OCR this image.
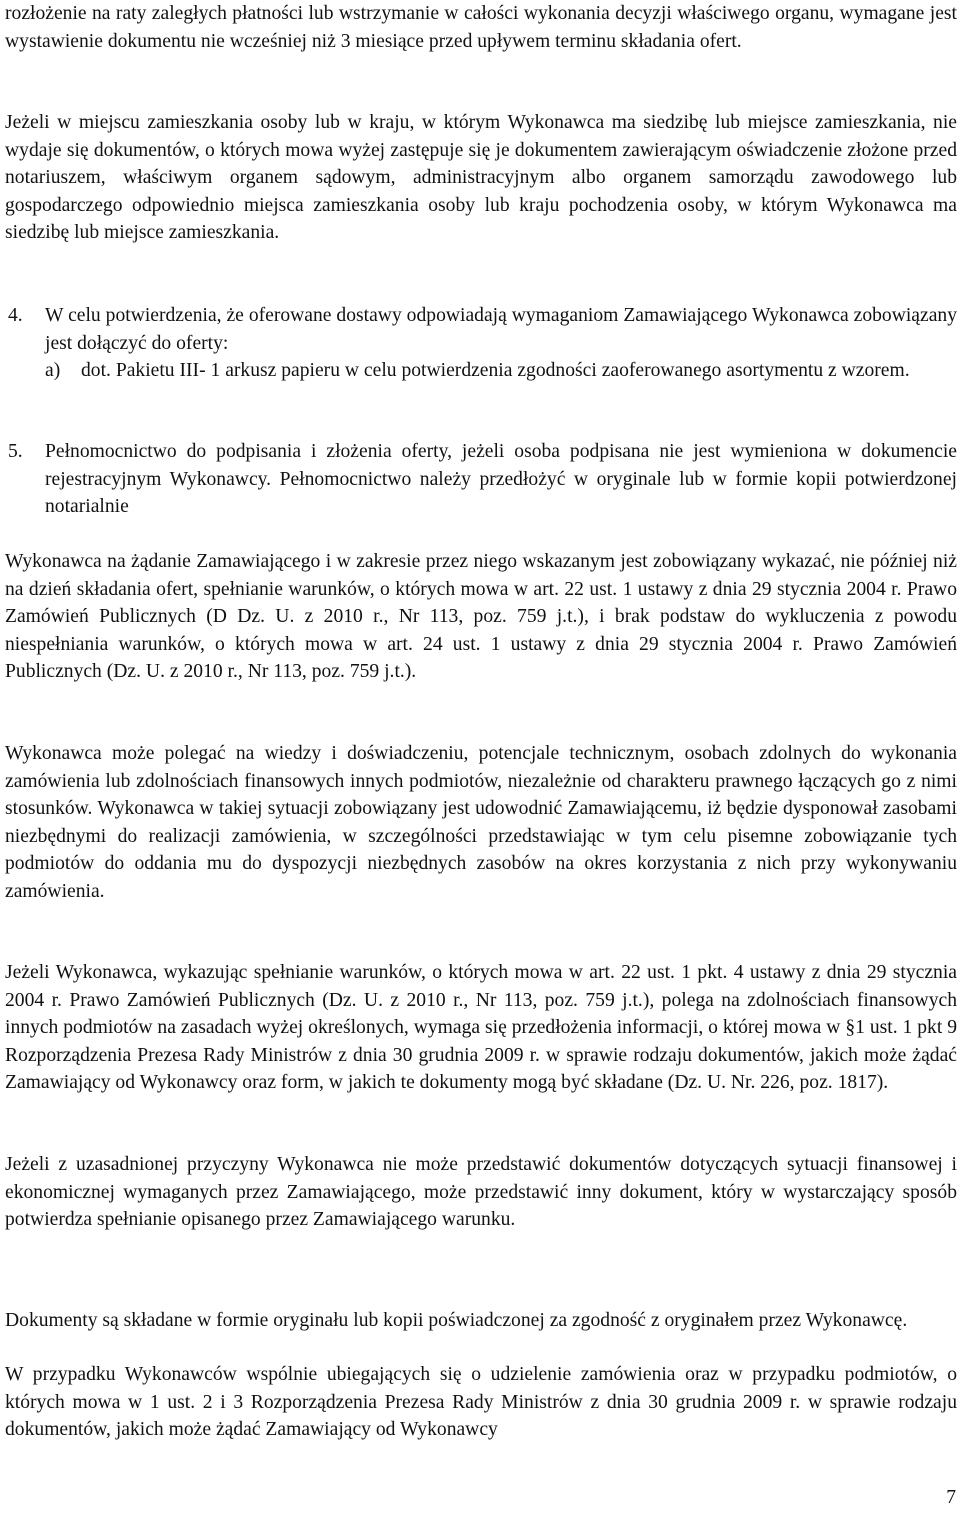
rozłożenie na raty zaległych płatności lub wstrzymanie w całości wykonania decyzji właściwego organu, wymagane jest wystawienie dokumentu nie wcześniej niż 3 miesiące przed upływem terminu składania ofert.

Jeżeli w miejscu zamieszkania osoby lub w kraju, w którym Wykonawca ma siedzibę lub miejsce zamieszkania, nie wydaje się dokumentów, o których mowa wyżej zastępuje się je dokumentem zawierającym oświadczenie złożone przed notariuszem, właściwym organem sądowym, administracyjnym albo organem samorządu zawodowego lub gospodarczego odpowiednio miejsca zamieszkania osoby lub kraju pochodzenia osoby, w którym Wykonawca ma siedzibę lub miejsce zamieszkania.

4. W celu potwierdzenia, że oferowane dostawy odpowiadają wymaganiom Zamawiającego Wykonawca zobowiązany jest dołączyć do oferty:

a) dot. Pakietu III- 1 arkusz papieru w celu potwierdzenia zgodności zaoferowanego asortymentu z wzorem.

5. Pełnomocnictwo do podpisania i złożenia oferty, jeżeli osoba podpisana nie jest wymieniona w dokumencie rejestracyjnym Wykonawcy. Pełnomocnictwo należy przedłożyć w oryginale lub w formie kopii potwierdzonej notarialnie

Wykonawca na żądanie Zamawiającego i w zakresie przez niego wskazanym jest zobowiązany wykazać, nie później niż na dzień składania ofert, spełnianie warunków, o których mowa w art. 22 ust. 1 ustawy z dnia 29 stycznia 2004 r. Prawo Zamówień Publicznych (D Dz. U. z 2010 r., Nr 113, poz. 759 j.t.), i brak podstaw do wykluczenia z powodu niespełniania warunków, o których mowa w art. 24 ust. 1 ustawy z dnia 29 stycznia 2004 r. Prawo Zamówień Publicznych (Dz. U. z 2010 r., Nr 113, poz. 759 j.t.).

Wykonawca może polegać na wiedzy i doświadczeniu, potencjale technicznym, osobach zdolnych do wykonania zamówienia lub zdolnościach finansowych innych podmiotów, niezależnie od charakteru prawnego łączących go z nimi stosunków. Wykonawca w takiej sytuacji zobowiązany jest udowodnić Zamawiającemu, iż będzie dysponował zasobami niezbędnymi do realizacji zamówienia, w szczególności przedstawiając w tym celu pisemne zobowiązanie tych podmiotów do oddania mu do dyspozycji niezbędnych zasobów na okres korzystania z nich przy wykonywaniu zamówienia.

Jeżeli Wykonawca, wykazując spełnianie warunków, o których mowa w art. 22 ust. 1 pkt. 4 ustawy z dnia 29 stycznia 2004 r. Prawo Zamówień Publicznych (Dz. U. z 2010 r., Nr 113, poz. 759 j.t.), polega na zdolnościach finansowych innych podmiotów na zasadach wyżej określonych, wymaga się przedłożenia informacji, o której mowa w §1 ust. 1 pkt 9 Rozporządzenia Prezesa Rady Ministrów z dnia 30 grudnia 2009 r. w sprawie rodzaju dokumentów, jakich może żądać Zamawiający od Wykonawcy oraz form, w jakich te dokumenty mogą być składane (Dz. U. Nr. 226, poz. 1817).

Jeżeli z uzasadnionej przyczyny Wykonawca nie może przedstawić dokumentów dotyczących sytuacji finansowej i ekonomicznej wymaganych przez Zamawiającego, może przedstawić inny dokument, który w wystarczający sposób potwierdza spełnianie opisanego przez Zamawiającego warunku.

Dokumenty są składane w formie oryginału lub kopii poświadczonej za zgodność z oryginałem przez Wykonawcę.

W przypadku Wykonawców wspólnie ubiegających się o udzielenie zamówienia oraz w przypadku podmiotów, o których mowa w 1 ust. 2 i 3 Rozporządzenia Prezesa Rady Ministrów z dnia 30 grudnia 2009 r. w sprawie rodzaju dokumentów, jakich może żądać Zamawiający od Wykonawcy

7
